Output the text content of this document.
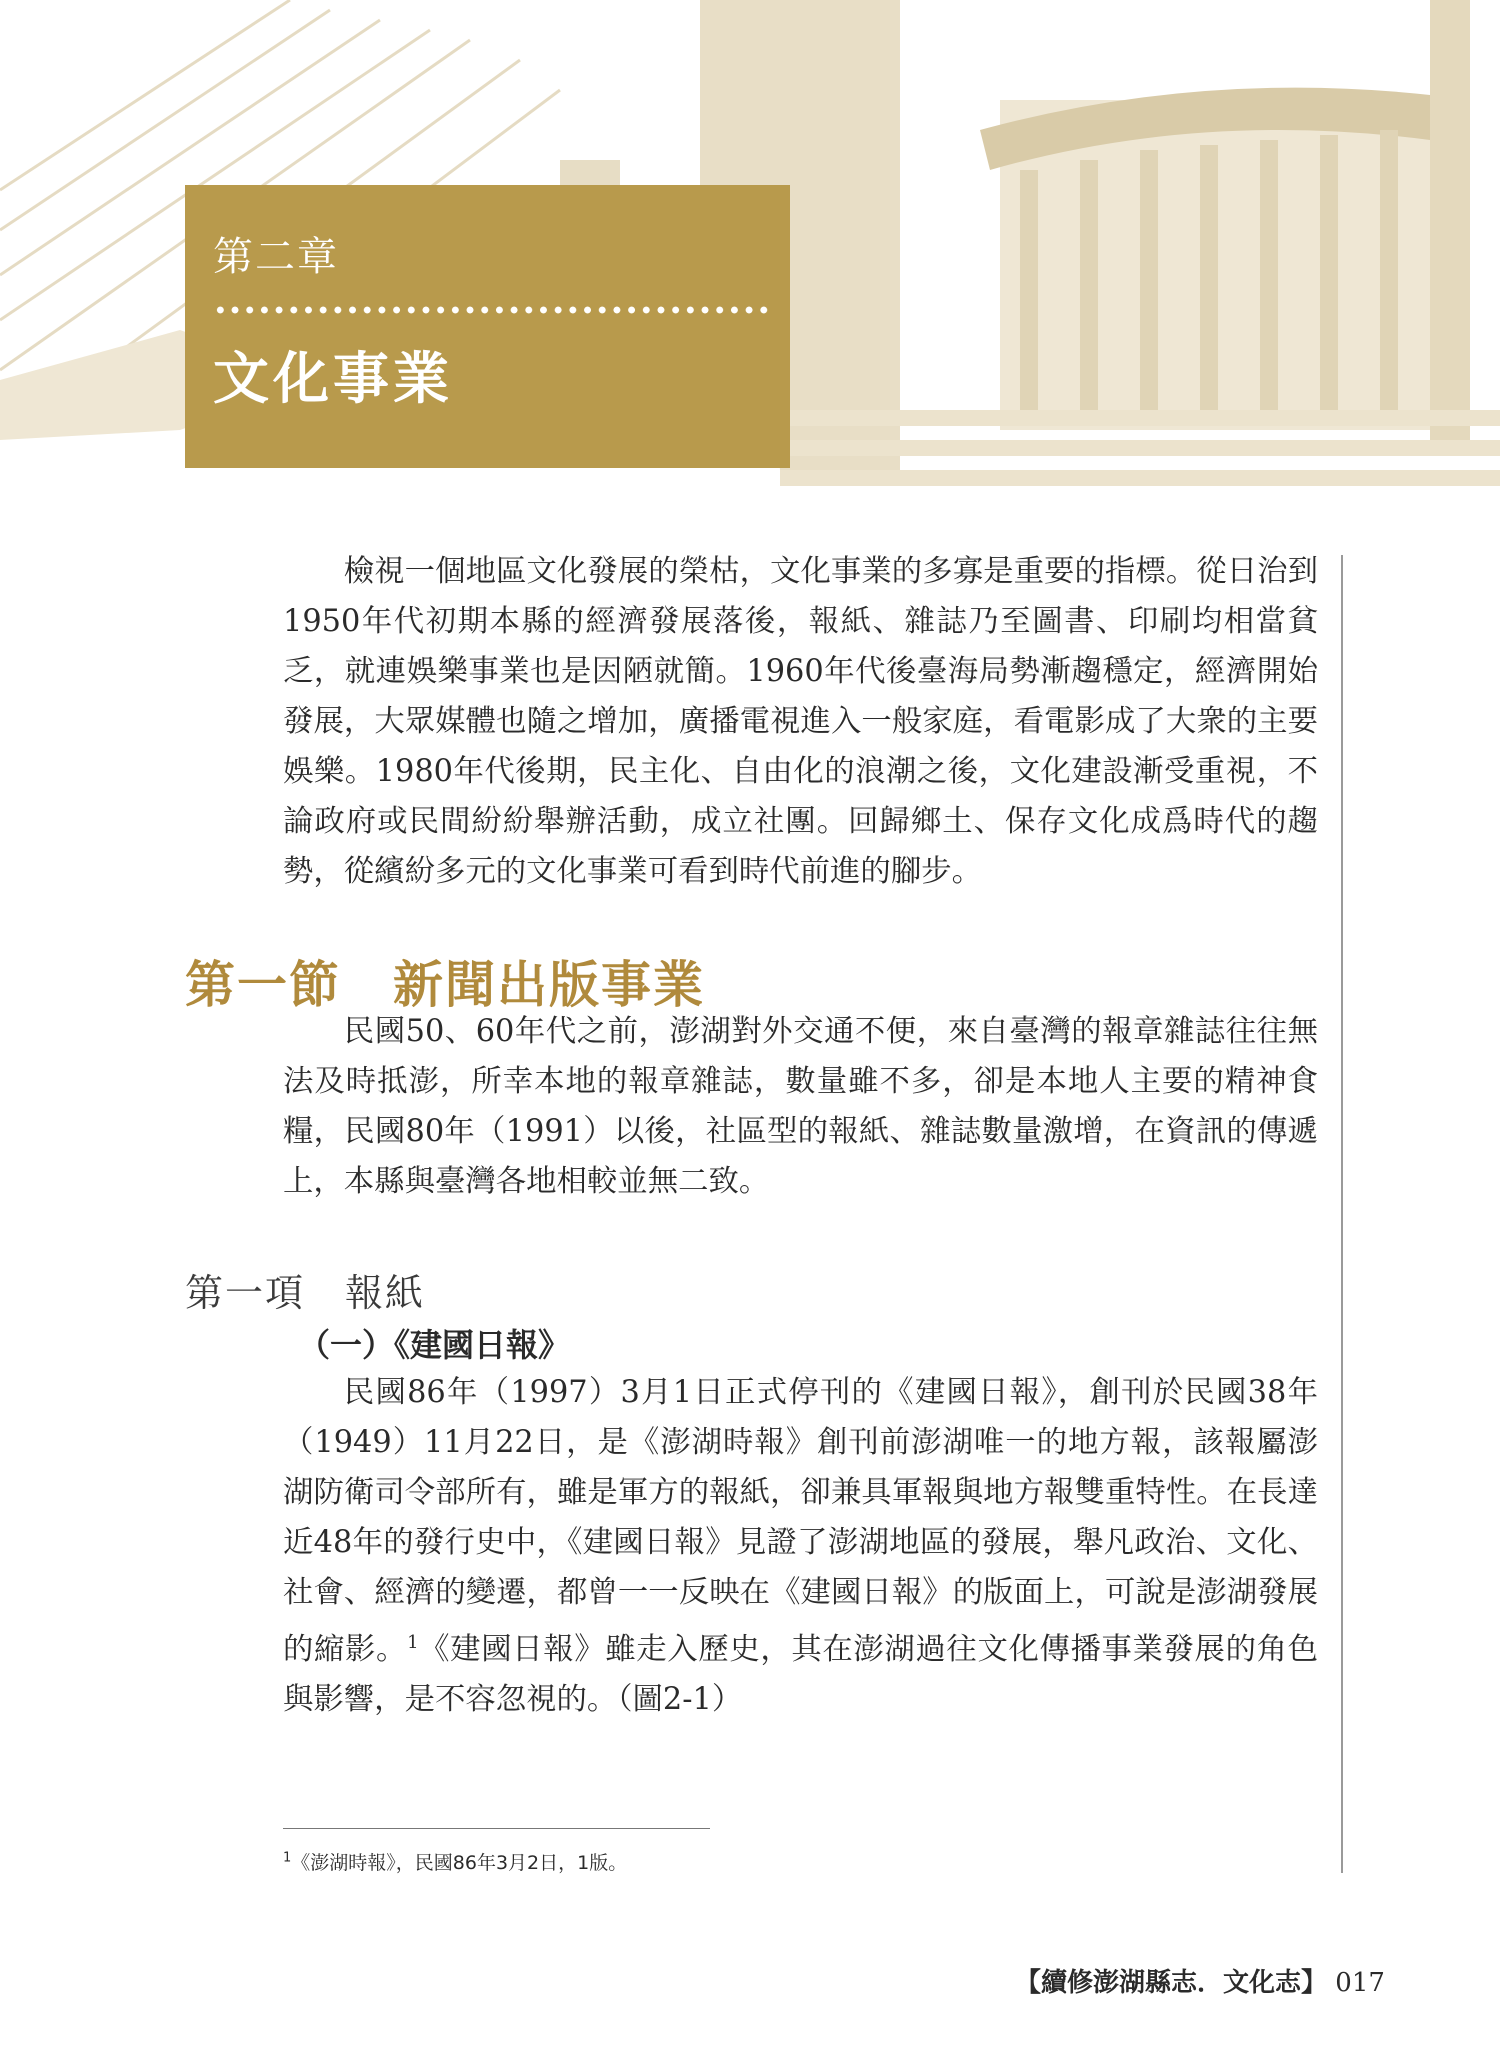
第二章
文化事業

檢視一個地區文化發展的榮枯，文化事業的多寡是重要的指標。從日治到1950年代初期本縣的經濟發展落後，報紙、雜誌乃至圖書、印刷均相當貧乏，就連娛樂事業也是因陋就簡。1960年代後臺海局勢漸趨穩定，經濟開始發展，大眾媒體也隨之增加，廣播電視進入一般家庭，看電影成了大衆的主要娛樂。1980年代後期，民主化、自由化的浪潮之後，文化建設漸受重視，不論政府或民間紛紛舉辦活動，成立社團。回歸鄉土、保存文化成爲時代的趨勢，從繽紛多元的文化事業可看到時代前進的腳步。

第一節　新聞出版事業

民國50、60年代之前，澎湖對外交通不便，來自臺灣的報章雜誌往往無法及時抵澎，所幸本地的報章雜誌，數量雖不多，卻是本地人主要的精神食糧，民國80年（1991）以後，社區型的報紙、雜誌數量激增，在資訊的傳遞上，本縣與臺灣各地相較並無二致。

第一項　報紙
（一）《建國日報》

民國86年（1997）3月1日正式停刊的《建國日報》，創刊於民國38年（1949）11月22日，是《澎湖時報》創刊前澎湖唯一的地方報，該報屬澎湖防衛司令部所有，雖是軍方的報紙，卻兼具軍報與地方報雙重特性。在長達近48年的發行史中，《建國日報》見證了澎湖地區的發展，舉凡政治、文化、社會、經濟的變遷，都曾一一反映在《建國日報》的版面上，可說是澎湖發展的縮影。$^1$《建國日報》雖走入歷史，其在澎湖過往文化傳播事業發展的角色與影響，是不容忽視的。（圖2-1）

$^1$《澎湖時報》，民國86年3月2日，1版。
【續修澎湖縣志．文化志】 017
